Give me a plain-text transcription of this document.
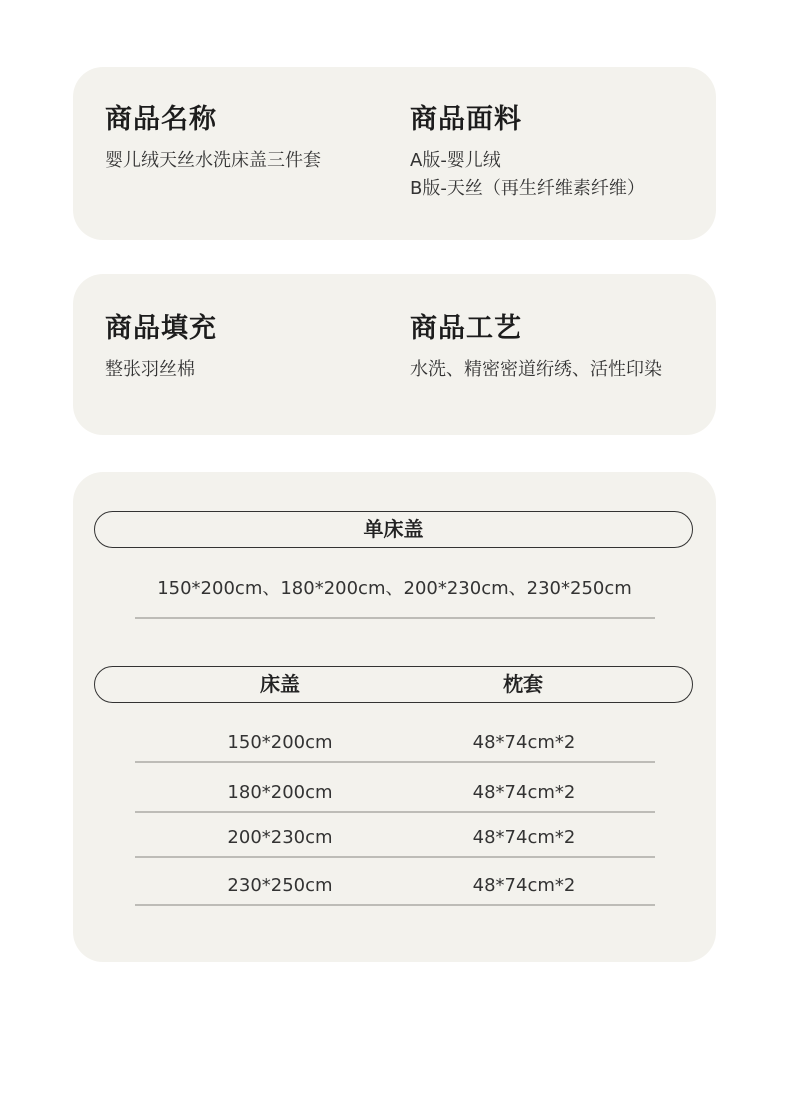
商品名称
婴儿绒天丝水洗床盖三件套
商品面料
A版-婴儿绒
B版-天丝（再生纤维素纤维）
商品填充
整张羽丝棉
商品工艺
水洗、精密密道绗绣、活性印染
单床盖
150*200cm、180*200cm、200*230cm、230*250cm
床盖	枕套
150*200cm	48*74cm*2
180*200cm	48*74cm*2
200*230cm	48*74cm*2
230*250cm	48*74cm*2
